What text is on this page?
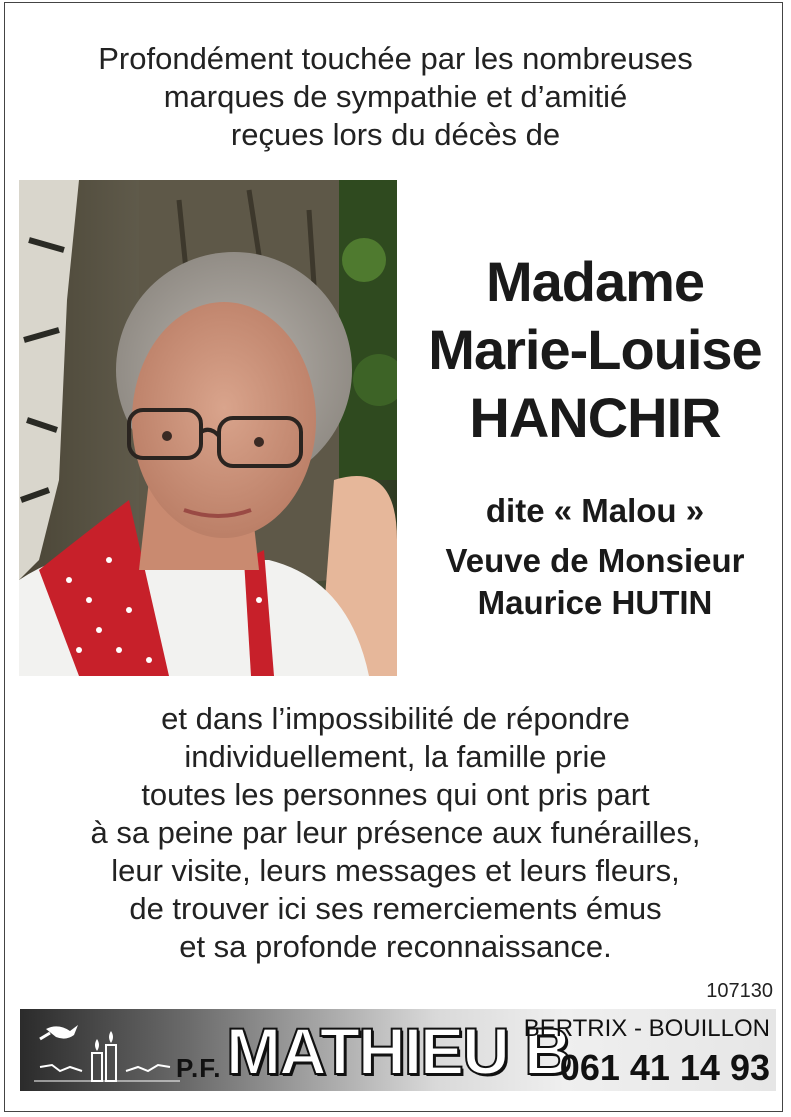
Profondément touchée par les nombreuses
marques de sympathie et d’amitié
reçues lors du décès de
Madame
Marie-Louise
HANCHIR
dite « Malou »
Veuve de Monsieur
Maurice HUTIN
et dans l’impossibilité de répondre
individuellement, la famille prie
toutes les personnes qui ont pris part
à sa peine par leur présence aux funérailles,
leur visite, leurs messages et leurs fleurs,
de trouver ici ses remerciements émus
et sa profonde reconnaissance.
107130
P.F. MATHIEU B
BERTRIX - BOUILLON
061 41 14 93
